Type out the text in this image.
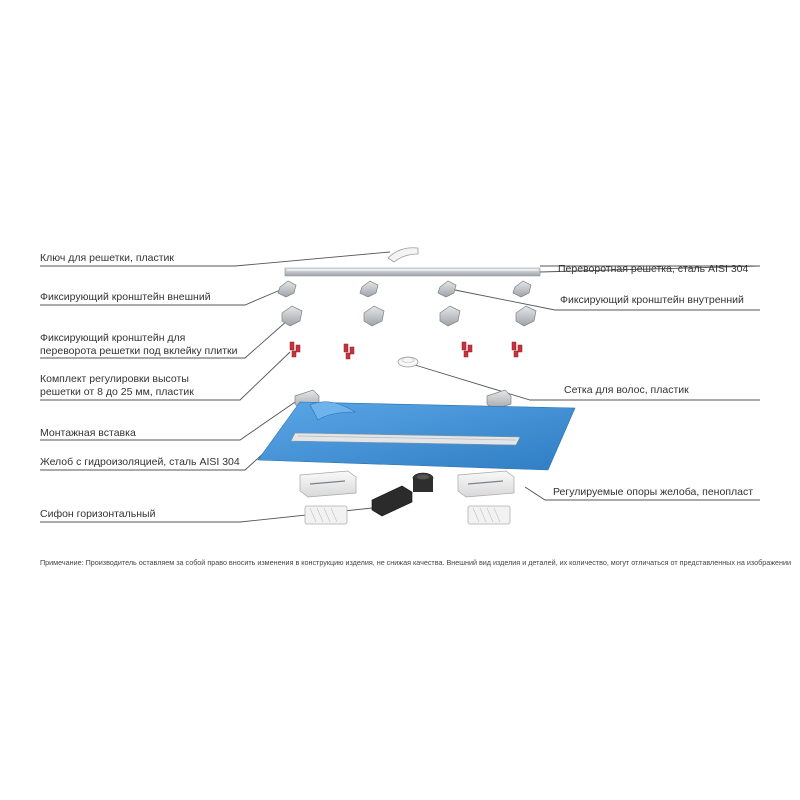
Ключ для решетки, пластик
Фиксирующий кронштейн внешний
Фиксирующий кронштейн для
переворота решетки под вклейку плитки
Комплект регулировки высоты
решетки от 8 до 25 мм, пластик
Монтажная вставка
Желоб с гидроизоляцией, сталь AISI 304
Сифон горизонтальный
Переворотная решетка, сталь AISI 304
Фиксирующий кронштейн внутренний
Сетка для волос, пластик
Регулируемые опоры желоба, пенопласт
Примечание: Производитель оставляем за собой право вносить изменения в конструкцию изделия, не снижая качества. Внешний вид изделия и деталей, их количество, могут отличаться от представленных на изображении
